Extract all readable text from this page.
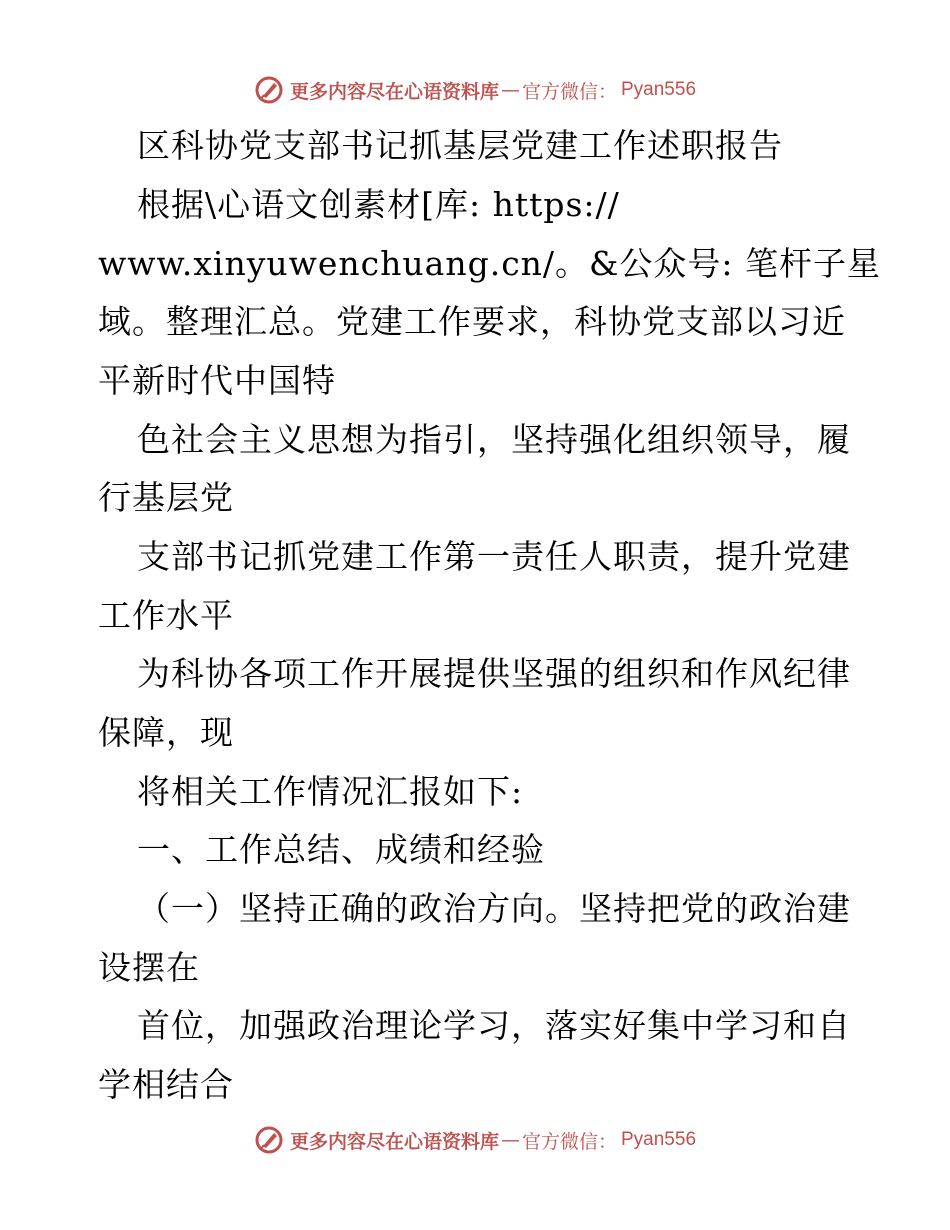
更多内容尽在心语资料库 — 官方微信： Pyan556
区科协党支部书记抓基层党建工作述职报告
根据\心语文创素材[库: https://
www.xinyuwenchuang.cn/。&公众号: 笔杆子星
域。整理汇总。党建工作要求，科协党支部以习近
平新时代中国特
色社会主义思想为指引，坚持强化组织领导，履
行基层党
支部书记抓党建工作第一责任人职责，提升党建
工作水平
为科协各项工作开展提供坚强的组织和作风纪律
保障，现
将相关工作情况汇报如下:
一、工作总结、成绩和经验
（一）坚持正确的政治方向。坚持把党的政治建
设摆在
首位，加强政治理论学习，落实好集中学习和自
学相结合
更多内容尽在心语资料库 — 官方微信： Pyan556
